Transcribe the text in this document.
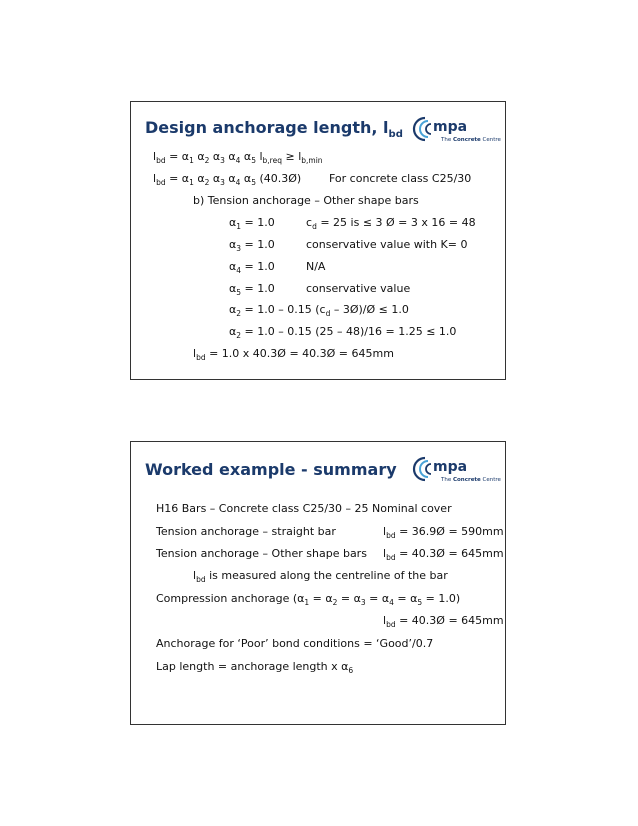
Design anchorage length, $l_{bd}$ mpa
The Concrete Centre
$l_{bd} = \alpha_1$ $\alpha_2$ $\alpha_3$ $\alpha_4$ $\alpha_5$ $l_{b,req} \ge l_{b,min}$
$l_{bd} = \alpha_1$ $\alpha_2$ $\alpha_3$ $\alpha_4$ $\alpha_5$ (40.3Ø)	For concrete class C25/30
b) Tension anchorage – Other shape bars
$\alpha_1 = 1.0$	$c_d = 25$ is ≤ 3 Ø = 3 x 16 = 48
$\alpha_3 = 1.0$	conservative value with K= 0
$\alpha_4 = 1.0$	N/A
$\alpha_5 = 1.0$	conservative value
$\alpha_2 = 1.0 - 0.15$ ($c_d$ – 3Ø)/Ø ≤ 1.0
$\alpha_2 = 1.0 - 0.15$ (25 – 48)/16 = 1.25 ≤ 1.0
$l_{bd} = 1.0$ x 40.3Ø = 40.3Ø = 645mm
Worked example - summary	mpa
The Concrete Centre
H16 Bars – Concrete class C25/30 – 25 Nominal cover
Tension anchorage – straight bar	$l_{bd}$ = 36.9Ø = 590mm
Tension anchorage – Other shape bars $l_{bd}$ = 40.3Ø = 645mm
$l_{bd}$ is measured along the centreline of the bar
Compression anchorage $(\alpha_1 = \alpha_2 = \alpha_3 = \alpha_4 = \alpha_5 = 1.0)$
$l_{bd}$ = 40.3Ø = 645mm
Anchorage for ‘Poor’ bond conditions = ‘Good’/0.7
Lap length = anchorage length x $\alpha_6$
